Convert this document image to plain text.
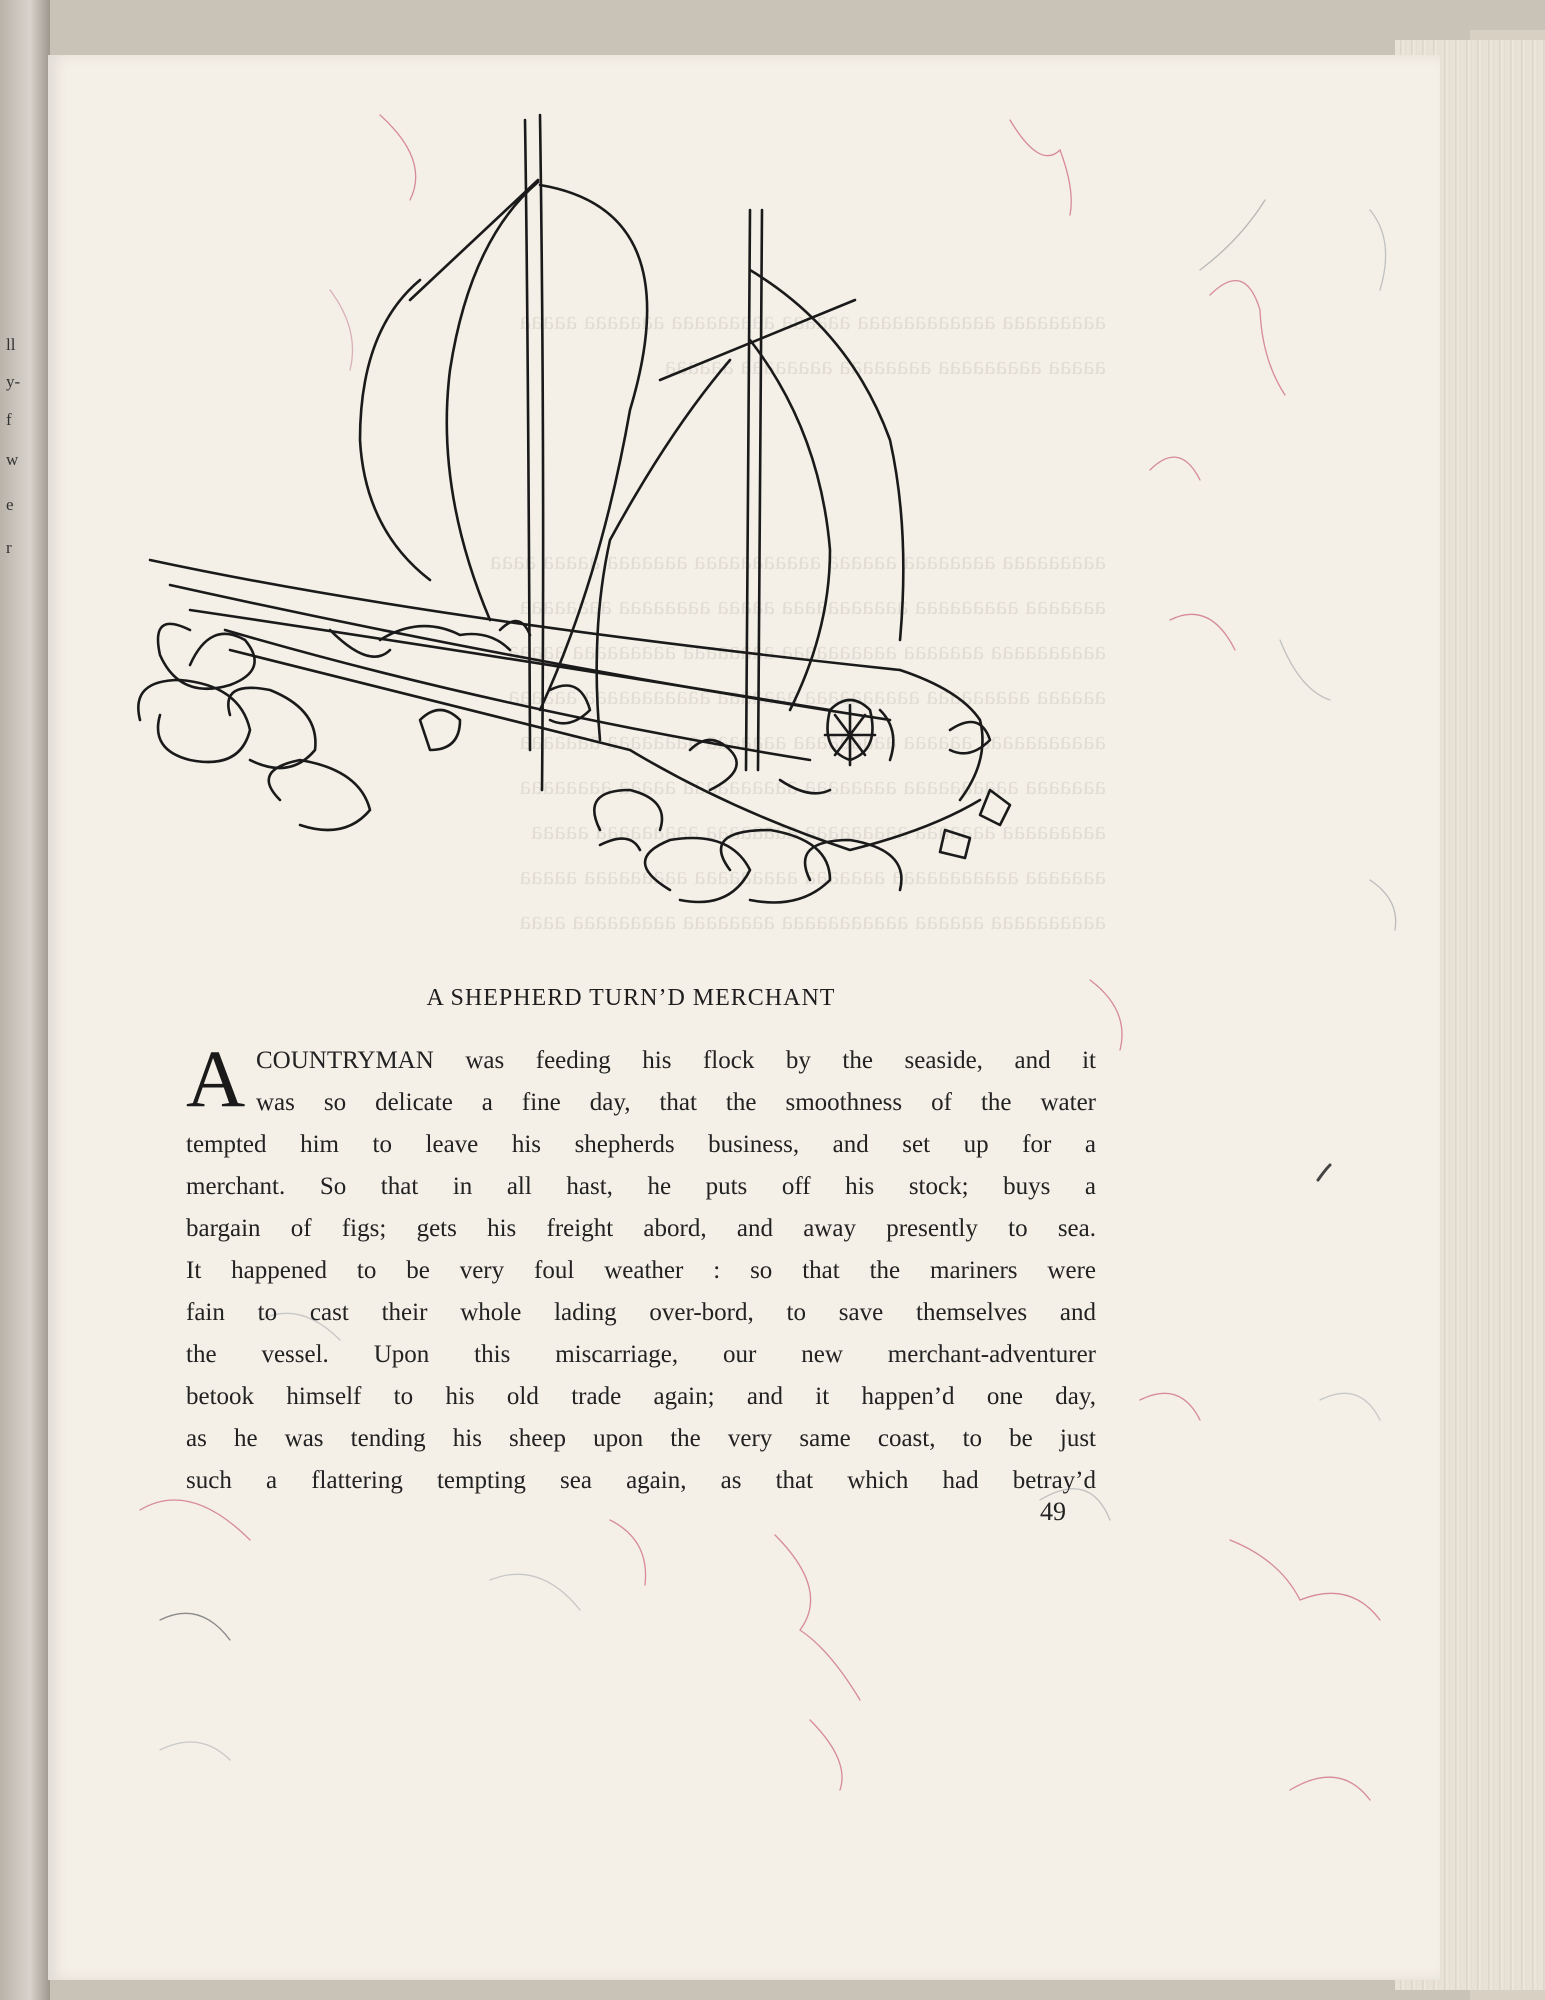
ll
y-
f
w
e
r
aaaaaaaaa aaaaaaaaaaaa aaaaaa aaaaaaaaa aaaaaaa aaaaa
aaaaa aaaaaaaaa aaaaaaaa aaaaaaaa aaaaaa
aaaaaaaaa aaaaaaaa aaaaaa aaaaaaaaaaa aaaaaaa aaaaa aaaa
aaaaaaa aaaaaaaaa aaaaaaaaaaa aaaaa aaaaaaaa aaaaaaaa
aaaaaaaaaa aaaaaaa aaaaaaaaaa aaaaaaaa aaaaaaaaa aaaaa
aaaaaa aaaaaaaaa aaaaaaaaaa aaaaaaa aaaaaaaaaaa aaaaaa
aaaaaaaaaaa aaaaaa aaaaaaaaa aaaaaaa aaaaaaaa aaaaaaa
aaaaaaa aaaaaaaaaa aaaaaaaa aaaaaaaaaa aaaaa aaaaaaaa
aaaaaaaaa aaaaaaa aaaaaaaaa aaaaaaaa aaaaaaaaa aaaaa
aaaaaaa aaaaaaaaaaa aaaaaaa aaaaaaaaa aaaaaaaaa aaaaa
aaaaaaaaaa aaaaaa aaaaaaaaaaa aaaaaaaa aaaaaaaaa aaaa
A SHEPHERD TURN’D MERCHANT
A COUNTRYMAN was feeding his flock by the seaside, and it
was so delicate a fine day, that the smoothness of the water
tempted him to leave his shepherds business, and set up for a
merchant. So that in all hast, he puts off his stock; buys a
bargain of figs; gets his freight abord, and away presently to sea.
It happened to be very foul weather : so that the mariners were
fain to cast their whole lading over-bord, to save themselves and
the vessel. Upon this miscarriage, our new merchant-adventurer
betook himself to his old trade again; and it happen’d one day,
as he was tending his sheep upon the very same coast, to be just
such a flattering tempting sea again, as that which had betray’d
49
